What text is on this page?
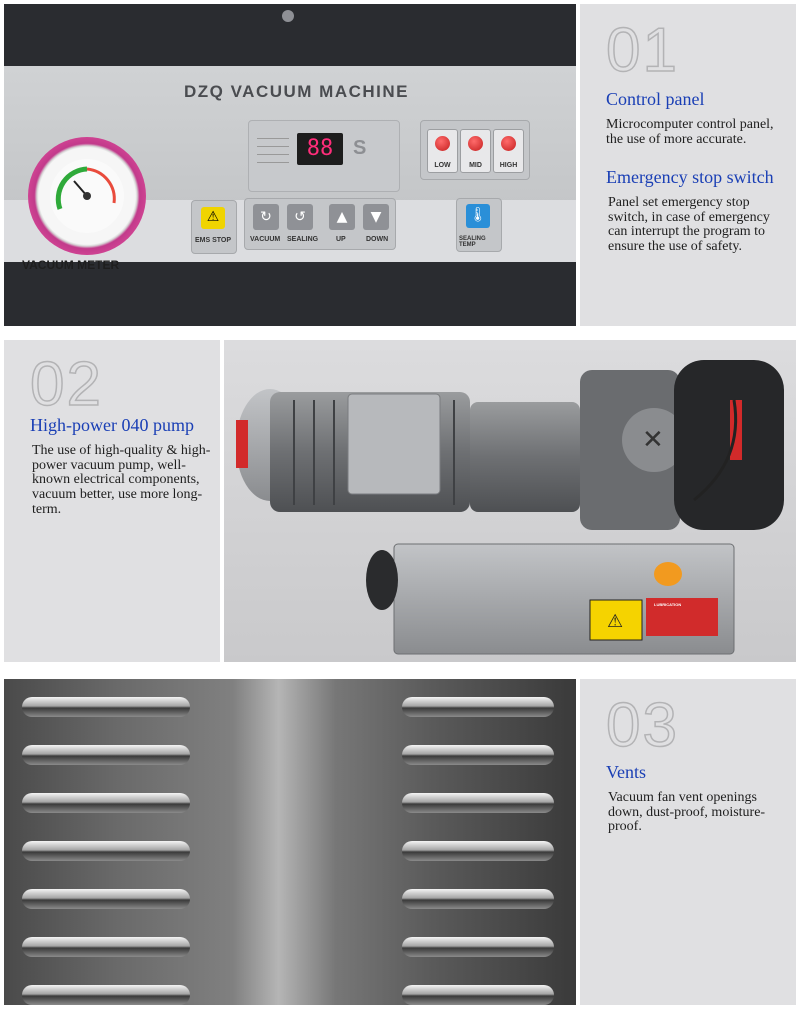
DZQ VACUUM MACHINE
VACUUM METER
88 S
LOW	MID	HIGH
⚠
EMS STOP
↻	↺	▲	▼
VACUUM SEALING	UP	DOWN
🌡
SEALING TEMP
01
Control panel
Microcomputer control panel, the use of more accurate.
Emergency stop switch
Panel set emergency stop switch, in case of emergency can interrupt the program to ensure the use of safety.
02
High-power 040 pump
The use of high-quality & high-power vacuum pump, well-known electrical components, vacuum better, use more long-term.
✕
⚠
LUBRICATION
03
Vents
Vacuum fan vent openings down, dust-proof, moisture-proof.
